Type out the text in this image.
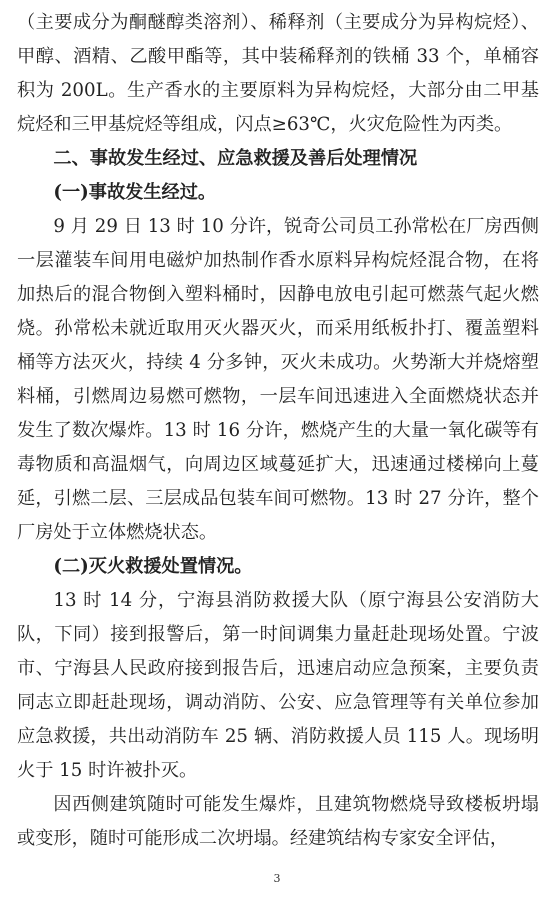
（主要成分为酮醚醇类溶剂）、稀释剂（主要成分为异构烷烃）、甲醇、酒精、乙酸甲酯等，其中装稀释剂的铁桶 33 个，单桶容积为 200L。生产香水的主要原料为异构烷烃，大部分由二甲基烷烃和三甲基烷烃等组成，闪点≥63℃，火灾危险性为丙类。

二、事故发生经过、应急救援及善后处理情况

(一)事故发生经过。

9 月 29 日 13 时 10 分许，锐奇公司员工孙常松在厂房西侧一层灌装车间用电磁炉加热制作香水原料异构烷烃混合物，在将加热后的混合物倒入塑料桶时，因静电放电引起可燃蒸气起火燃烧。孙常松未就近取用灭火器灭火，而采用纸板扑打、覆盖塑料桶等方法灭火，持续 4 分多钟，灭火未成功。火势渐大并烧熔塑料桶，引燃周边易燃可燃物，一层车间迅速进入全面燃烧状态并发生了数次爆炸。13 时 16 分许，燃烧产生的大量一氧化碳等有毒物质和高温烟气，向周边区域蔓延扩大，迅速通过楼梯向上蔓延，引燃二层、三层成品包装车间可燃物。13 时 27 分许，整个厂房处于立体燃烧状态。

(二)灭火救援处置情况。

13 时 14 分，宁海县消防救援大队（原宁海县公安消防大队，下同）接到报警后，第一时间调集力量赶赴现场处置。宁波市、宁海县人民政府接到报告后，迅速启动应急预案，主要负责同志立即赶赴现场，调动消防、公安、应急管理等有关单位参加应急救援，共出动消防车 25 辆、消防救援人员 115 人。现场明火于 15 时许被扑灭。

因西侧建筑随时可能发生爆炸，且建筑物燃烧导致楼板坍塌或变形，随时可能形成二次坍塌。经建筑结构专家安全评估，

3
